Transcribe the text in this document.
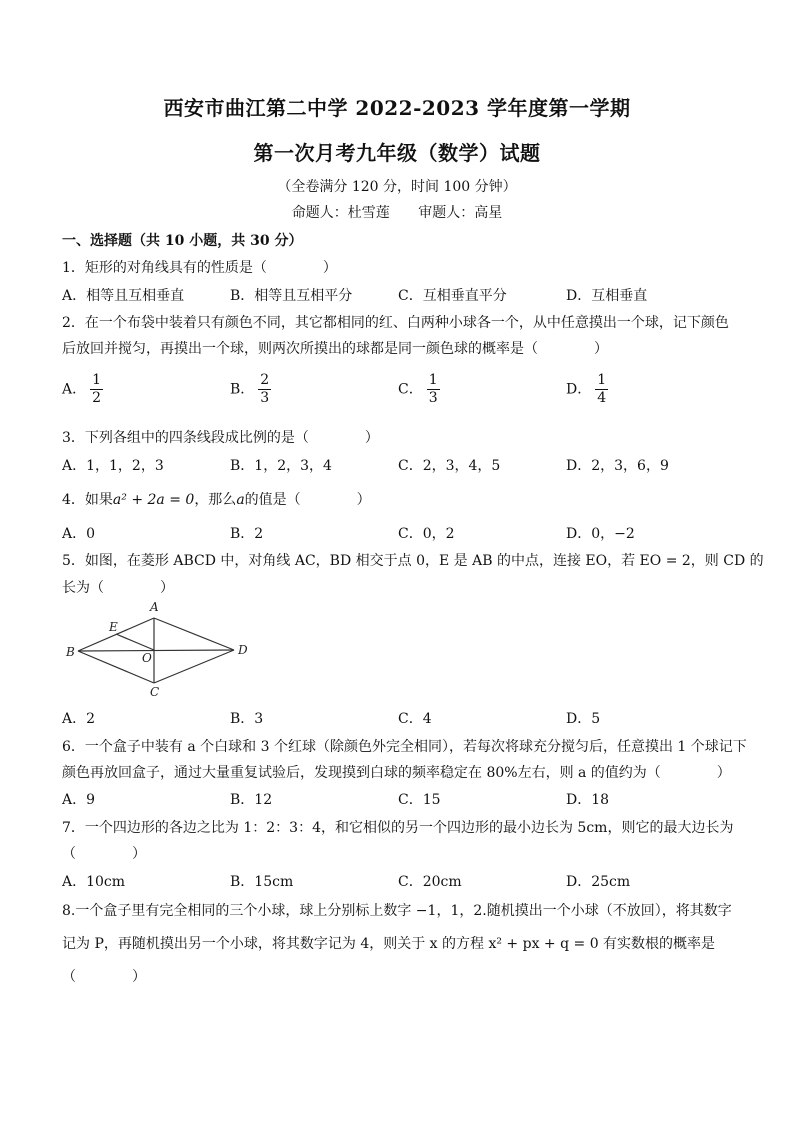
西安市曲江第二中学 2022-2023 学年度第一学期
第一次月考九年级（数学）试题
（全卷满分 120 分，时间 100 分钟）
命题人：杜雪莲 审题人：高星
一、选择题（共 10 小题，共 30 分）
1．矩形的对角线具有的性质是（　　　　）
A．相等且互相垂直	B．相等且互相平分	C．互相垂直平分	D．互相垂直
2．在一个布袋中装着只有颜色不同，其它都相同的红、白两种小球各一个，从中任意摸出一个球，记下颜色
后放回并搅匀，再摸出一个球，则两次所摸出的球都是同一颜色球的概率是（　　　　）
A． $\frac{1}{2}$	B． $\frac{2}{3}$	C． $\frac{1}{3}$	D． $\frac{1}{4}$
3．下列各组中的四条线段成比例的是（　　　　）
A．1，1，2，3	B．1，2，3，4	C．2，3，4，5	D．2，3，6，9
4．如果a² + 2a = 0，那么a的值是（　　　　）
A．0	B．2	C．0，2	D．0，−2
5．如图，在菱形 ABCD 中，对角线 AC，BD 相交于点 0，E 是 AB 的中点，连接 EO，若 EO = 2，则 CD 的
长为（　　　　）
A
B
C
D
E
O
A．2	B．3	C．4	D．5
6．一个盒子中装有 a 个白球和 3 个红球（除颜色外完全相同），若每次将球充分搅匀后，任意摸出 1 个球记下
颜色再放回盒子，通过大量重复试验后，发现摸到白球的频率稳定在 80%左右，则 a 的值约为（　　　　）
A．9	B．12	C．15	D．18
7．一个四边形的各边之比为 1：2：3：4，和它相似的另一个四边形的最小边长为 5cm，则它的最大边长为
（　　　　）
A．10cm	B．15cm	C．20cm	D．25cm
8.一个盒子里有完全相同的三个小球，球上分别标上数字 −1，1，2.随机摸出一个小球（不放回），将其数字
记为 P，再随机摸出另一个小球，将其数字记为 4，则关于 x 的方程 x² + px + q = 0 有实数根的概率是
（　　　　）
